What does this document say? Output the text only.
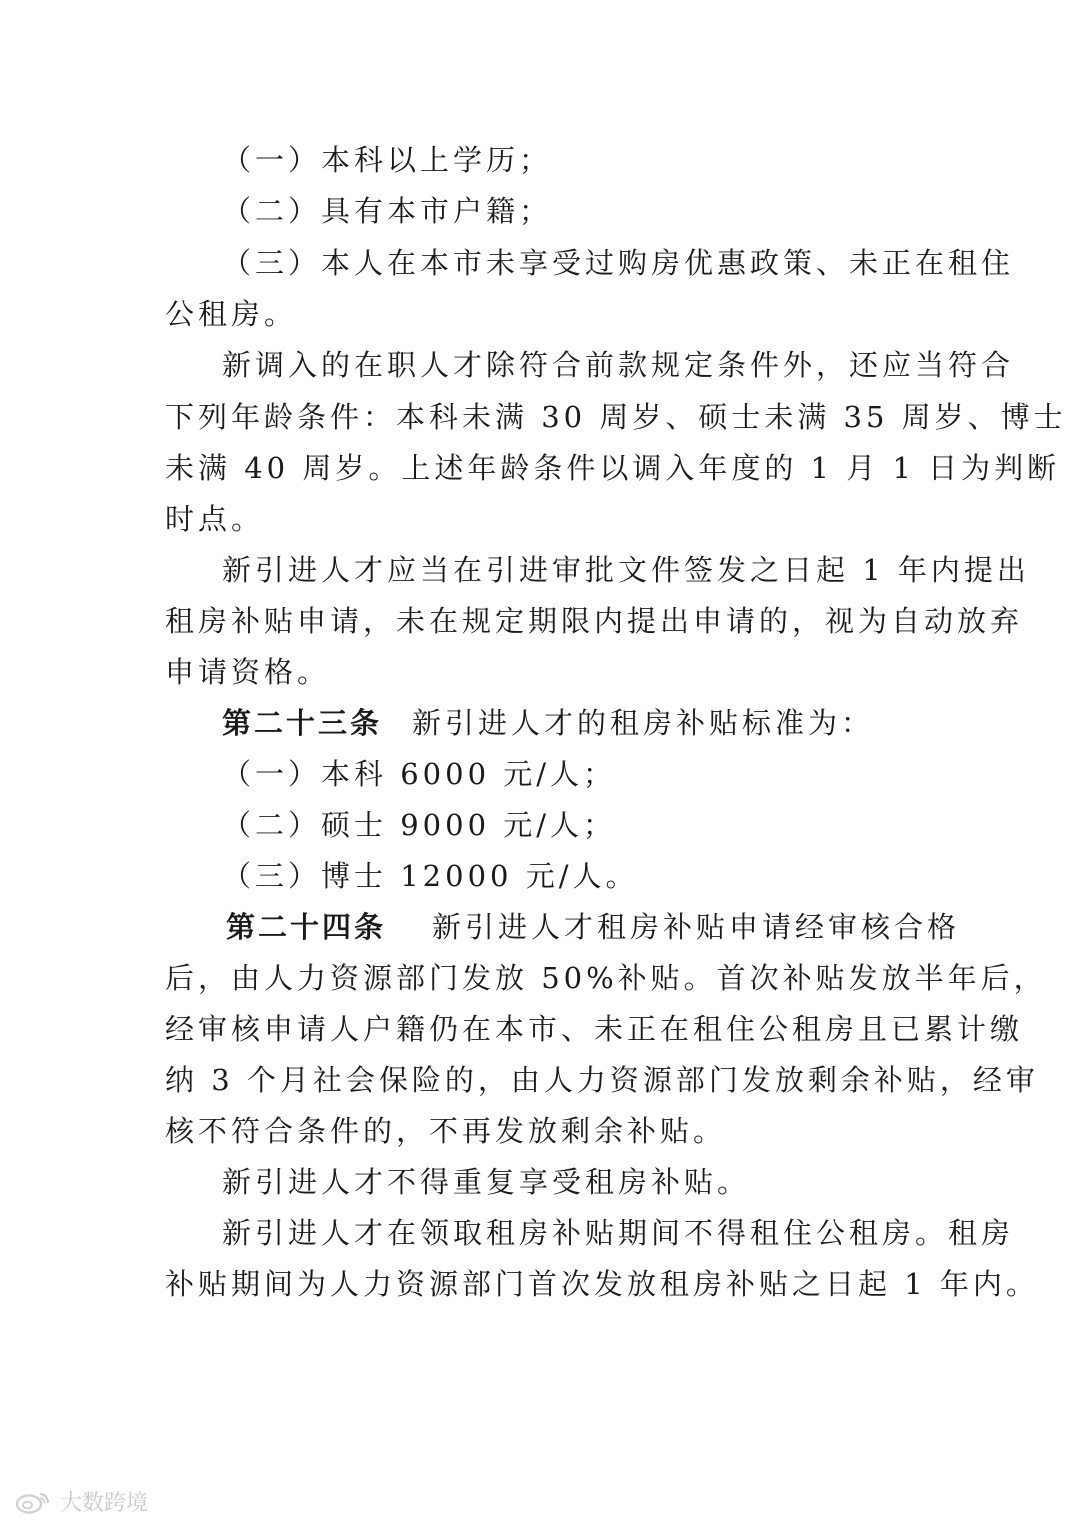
（一）本科以上学历；
（二）具有本市户籍；
（三）本人在本市未享受过购房优惠政策、未正在租住
公租房。
新调入的在职人才除符合前款规定条件外，还应当符合
下列年龄条件：本科未满 30 周岁、硕士未满 35 周岁、博士
未满 40 周岁。上述年龄条件以调入年度的 1 月 1 日为判断
时点。
新引进人才应当在引进审批文件签发之日起 1 年内提出
租房补贴申请，未在规定期限内提出申请的，视为自动放弃
申请资格。
第二十三条 新引进人才的租房补贴标准为：
（一）本科 6000 元/人；
（二）硕士 9000 元/人；
（三）博士 12000 元/人。
第二十四条 新引进人才租房补贴申请经审核合格
后，由人力资源部门发放 50%补贴。首次补贴发放半年后，
经审核申请人户籍仍在本市、未正在租住公租房且已累计缴
纳 3 个月社会保险的，由人力资源部门发放剩余补贴，经审
核不符合条件的，不再发放剩余补贴。
新引进人才不得重复享受租房补贴。
新引进人才在领取租房补贴期间不得租住公租房。租房
补贴期间为人力资源部门首次发放租房补贴之日起 1 年内。
大数跨境
